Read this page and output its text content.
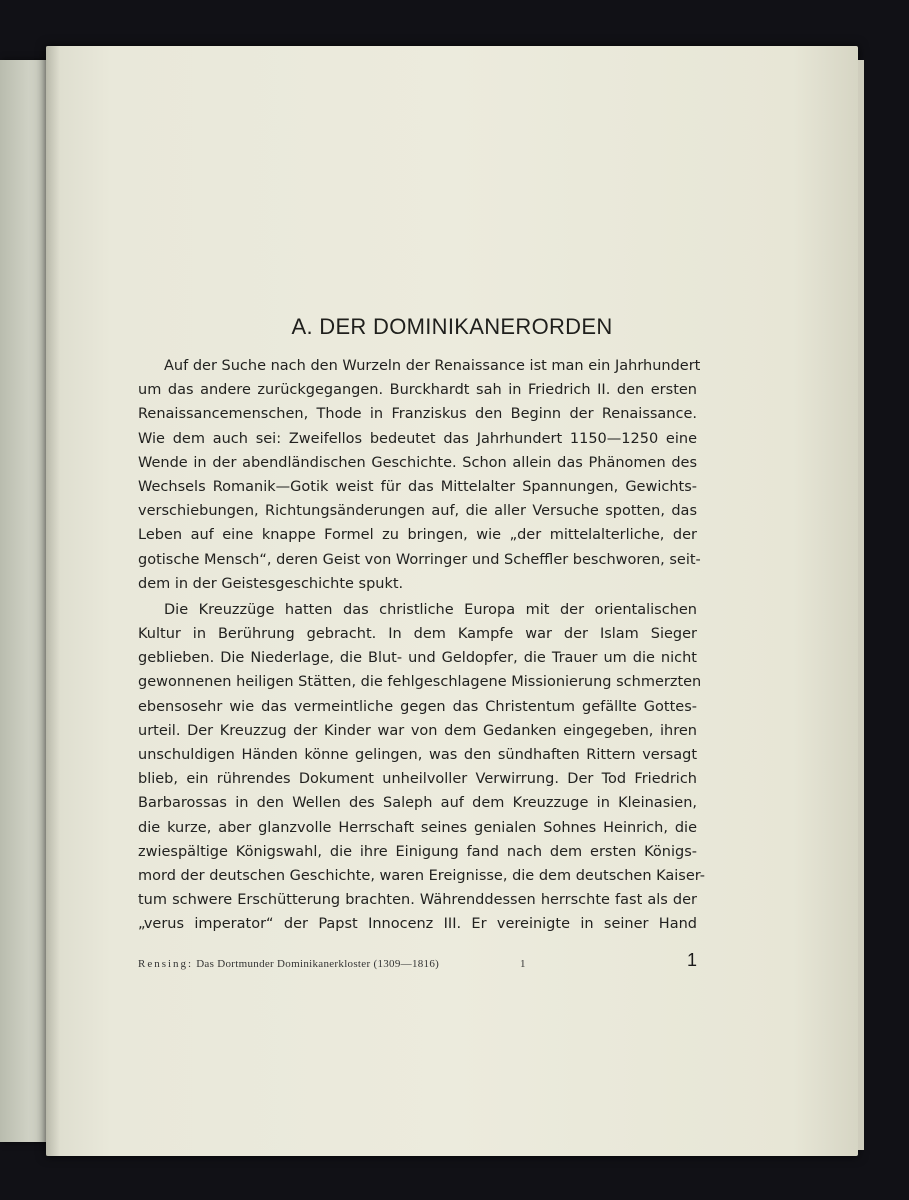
A. DER DOMINIKANERORDEN

Auf der Suche nach den Wurzeln der Renaissance ist man ein Jahrhundert
um das andere zurückgegangen. Burckhardt sah in Friedrich II. den ersten
Renaissancemenschen, Thode in Franziskus den Beginn der Renaissance.
Wie dem auch sei: Zweifellos bedeutet das Jahrhundert 1150—1250 eine
Wende in der abendländischen Geschichte. Schon allein das Phänomen des
Wechsels Romanik—Gotik weist für das Mittelalter Spannungen, Gewichts-
verschiebungen, Richtungsänderungen auf, die aller Versuche spotten, das
Leben auf eine knappe Formel zu bringen, wie „der mittelalterliche, der
gotische Mensch“, deren Geist von Worringer und Scheffler beschworen, seit-
dem in der Geistesgeschichte spukt.

Die Kreuzzüge hatten das christliche Europa mit der orientalischen
Kultur in Berührung gebracht. In dem Kampfe war der Islam Sieger
geblieben. Die Niederlage, die Blut- und Geldopfer, die Trauer um die nicht
gewonnenen heiligen Stätten, die fehlgeschlagene Missionierung schmerzten
ebensosehr wie das vermeintliche gegen das Christentum gefällte Gottes-
urteil. Der Kreuzzug der Kinder war von dem Gedanken eingegeben, ihren
unschuldigen Händen könne gelingen, was den sündhaften Rittern versagt
blieb, ein rührendes Dokument unheilvoller Verwirrung. Der Tod Friedrich
Barbarossas in den Wellen des Saleph auf dem Kreuzzuge in Kleinasien,
die kurze, aber glanzvolle Herrschaft seines genialen Sohnes Heinrich, die
zwiespältige Königswahl, die ihre Einigung fand nach dem ersten Königs-
mord der deutschen Geschichte, waren Ereignisse, die dem deutschen Kaiser-
tum schwere Erschütterung brachten. Währenddessen herrschte fast als der
„verus imperator“ der Papst Innocenz III. Er vereinigte in seiner Hand

Rensing: Das Dortmunder Dominikanerkloster (1309—1816)	1	1
